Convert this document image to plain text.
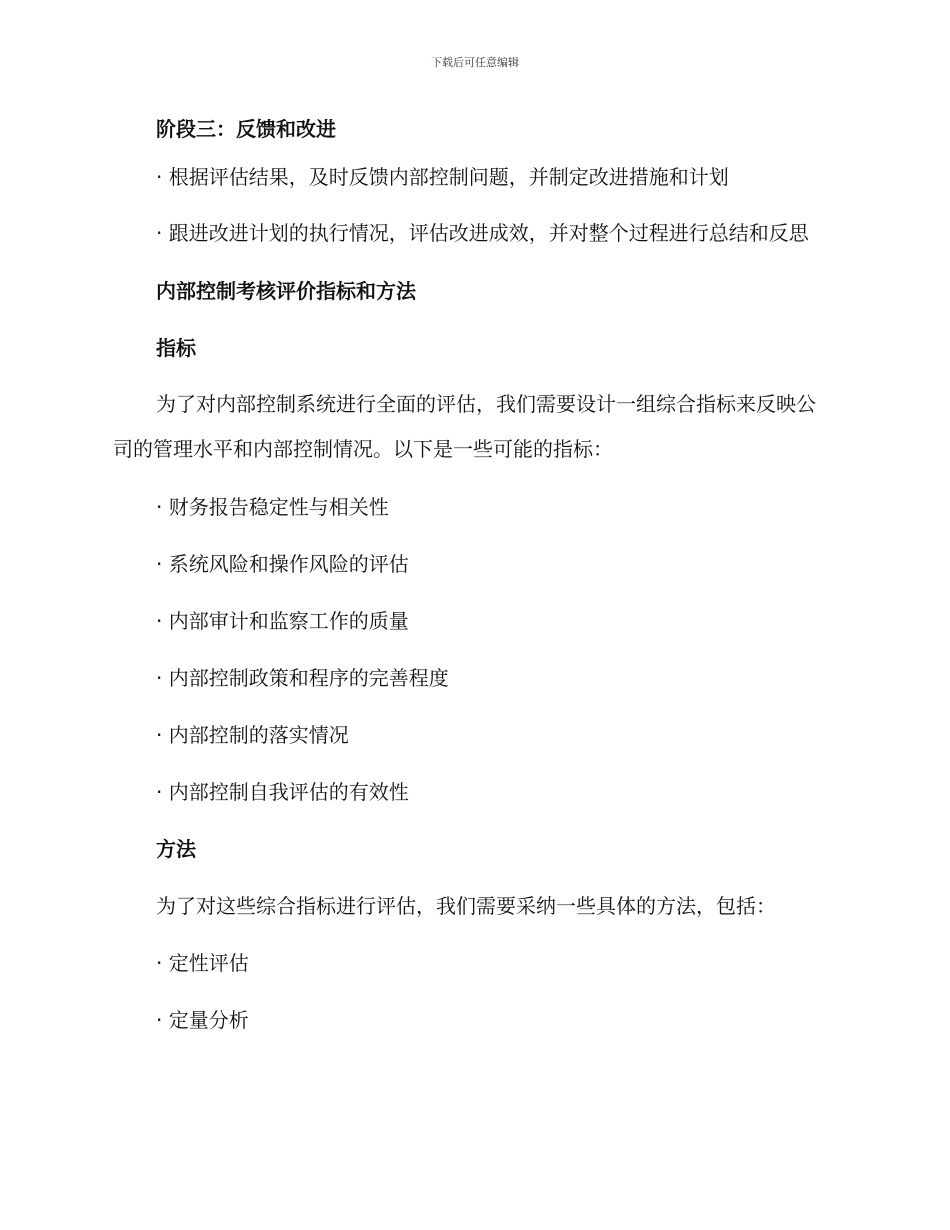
下载后可任意编辑
阶段三：反馈和改进
· 根据评估结果，及时反馈内部控制问题，并制定改进措施和计划

· 跟进改进计划的执行情况，评估改进成效，并对整个过程进行总结和反思

内部控制考核评价指标和方法
指标

为了对内部控制系统进行全面的评估，我们需要设计一组综合指标来反映公司的管理水平和内部控制情况。以下是一些可能的指标：

· 财务报告稳定性与相关性
· 系统风险和操作风险的评估
· 内部审计和监察工作的质量
· 内部控制政策和程序的完善程度
· 内部控制的落实情况
· 内部控制自我评估的有效性
方法
为了对这些综合指标进行评估，我们需要采纳一些具体的方法，包括：
· 定性评估
· 定量分析
